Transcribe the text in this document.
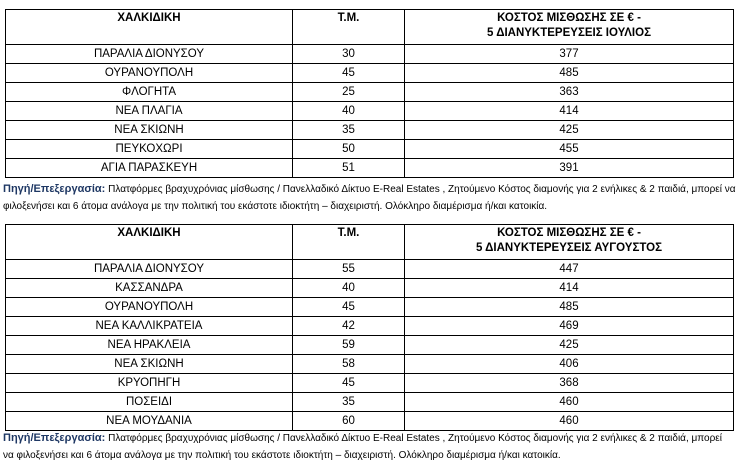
ΧΑΛΚΙΔΙΚΗ	Τ.Μ.	ΚΟΣΤΟΣ ΜΙΣΘΩΣΗΣ ΣΕ € -
5 ΔΙΑΝΥΚΤΕΡΕΥΣΕΙΣ ΙΟΥΛΙΟΣ

ΠΑΡΑΛΙΑ ΔΙΟΝΥΣΟΥ	30	377
ΟΥΡΑΝΟΥΠΟΛΗ	45	485
ΦΛΟΓΗΤΑ	25	363
ΝΕΑ ΠΛΑΓΙΑ	40	414
ΝΕΑ ΣΚΙΩΝΗ	35	425
ΠΕΥΚΟΧΩΡΙ	50	455
ΑΓΙΑ ΠΑΡΑΣΚΕΥΗ	51	391
Πηγή/Επεξεργασία: Πλατφόρμες βραχυχρόνιας μίσθωσης / Πανελλαδικό Δίκτυο E-Real Estates , Ζητούμενο Κόστος διαμονής για 2 ενήλικες & 2 παιδιά, μπορεί να
φιλοξενήσει και 6 άτομα ανάλογα με την πολιτική του εκάστοτε ιδιοκτήτη – διαχειριστή. Ολόκληρο διαμέρισμα ή/και κατοικία.
ΧΑΛΚΙΔΙΚΗ	Τ.Μ.	ΚΟΣΤΟΣ ΜΙΣΘΩΣΗΣ ΣΕ € -
5 ΔΙΑΝΥΚΤΕΡΕΥΣΕΙΣ ΑΥΓΟΥΣΤΟΣ

ΠΑΡΑΛΙΑ ΔΙΟΝΥΣΟΥ	55	447
ΚΑΣΣΑΝΔΡΑ	40	414
ΟΥΡΑΝΟΥΠΟΛΗ	45	485
ΝΕΑ ΚΑΛΛΙΚΡΑΤΕΙΑ	42	469
ΝΕΑ ΗΡΑΚΛΕΙΑ	59	425
ΝΕΑ ΣΚΙΩΝΗ	58	406
ΚΡΥΟΠΗΓΗ	45	368
ΠΟΣΕΙΔΙ	35	460
ΝΕΑ ΜΟΥΔΑΝΙΑ	60	460
Πηγή/Επεξεργασία: Πλατφόρμες βραχυχρόνιας μίσθωσης / Πανελλαδικό Δίκτυο E-Real Estates , Ζητούμενο Κόστος διαμονής για 2 ενήλικες & 2 παιδιά, μπορεί
να φιλοξενήσει και 6 άτομα ανάλογα με την πολιτική του εκάστοτε ιδιοκτήτη – διαχειριστή. Ολόκληρο διαμέρισμα ή/και κατοικία.
